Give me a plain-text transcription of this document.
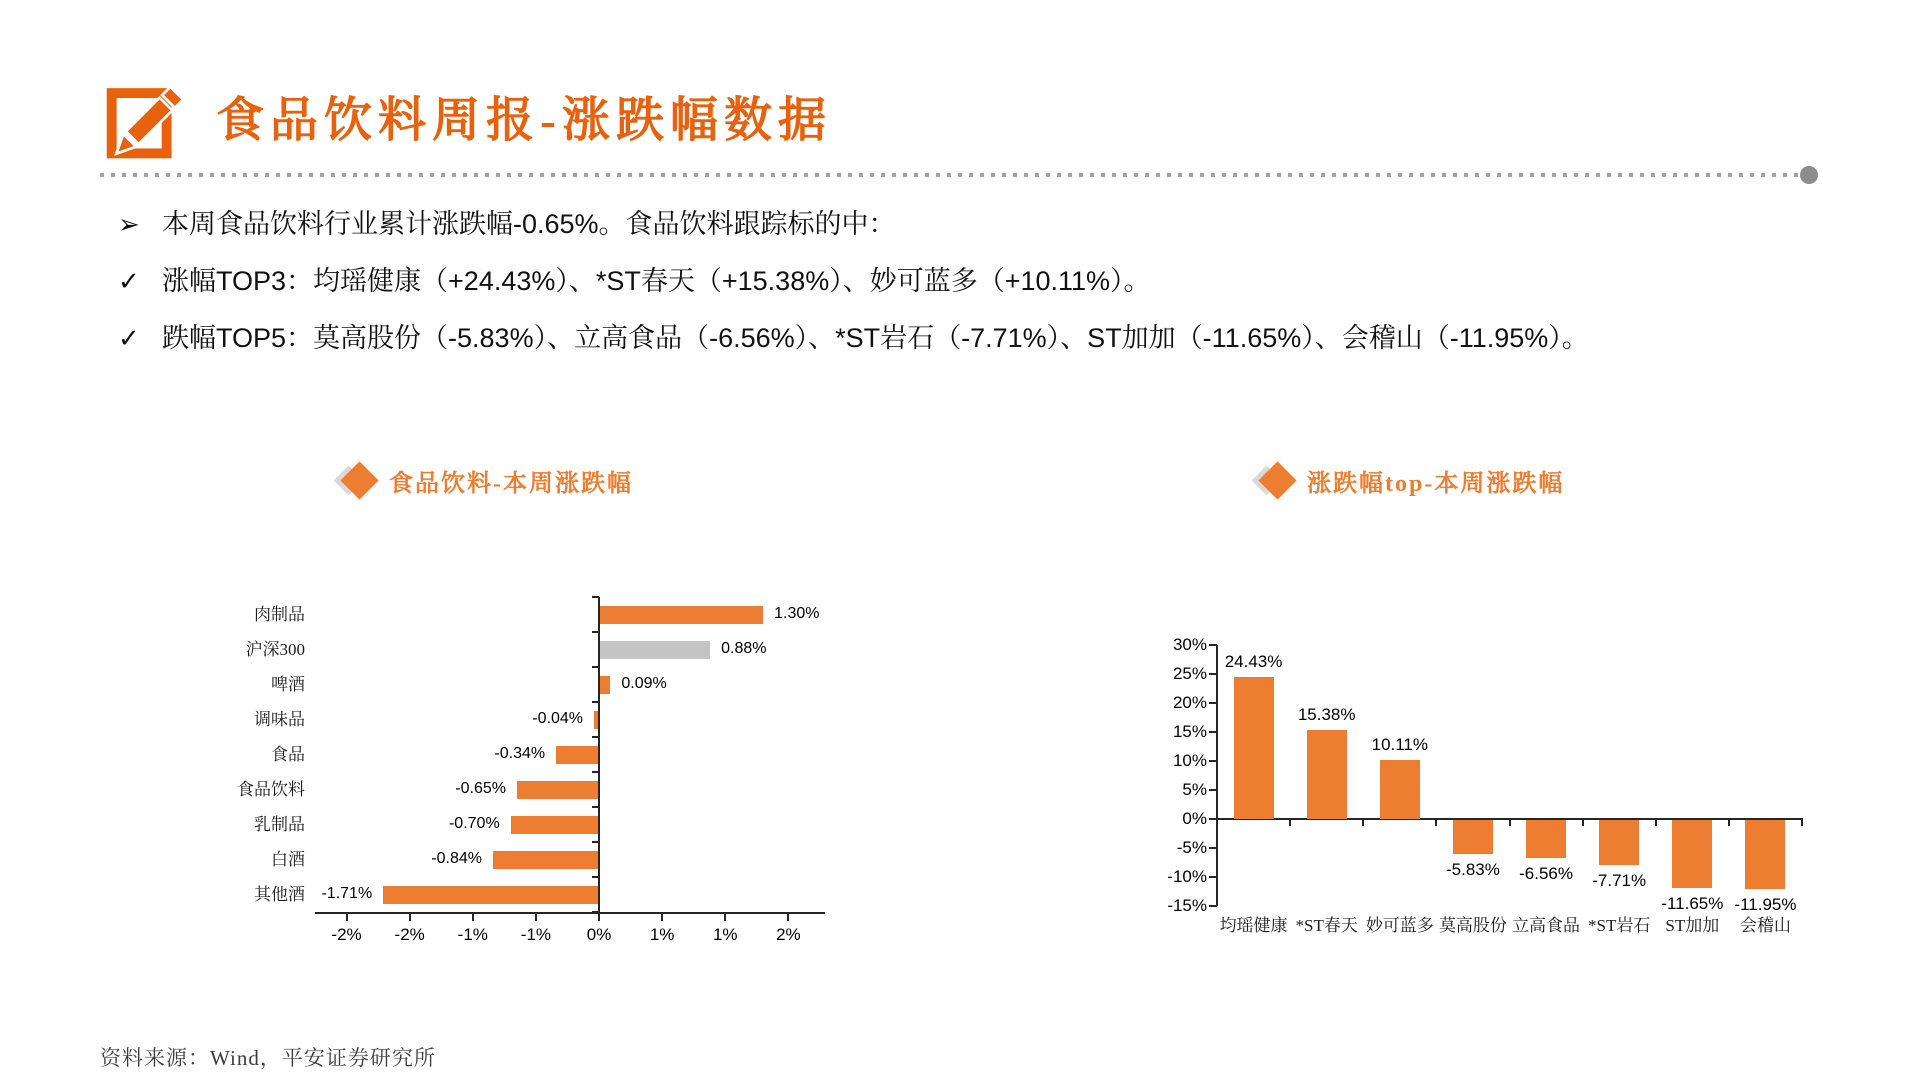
食品饮料周报-涨跌幅数据
➢ 本周食品饮料行业累计涨跌幅-0.65%。食品饮料跟踪标的中：
✓ 涨幅TOP3：均瑶健康（+24.43%）、*ST春天（+15.38%）、妙可蓝多（+10.11%）。
✓ 跌幅TOP5：莫高股份（-5.83%）、立高食品（-6.56%）、*ST岩石（-7.71%）、ST加加（-11.65%）、会稽山（-11.95%）。
食品饮料-本周涨跌幅	涨跌幅top-本周涨跌幅
1.30%
0.88%
0.09%
-0.04%
-0.34%
-0.65%
-0.70%
-0.84%
-1.71%
-2%	-2%	-1%	-1%	0%	1%	1%	2%
肉制品
沪深300
啤酒
调味品
食品
食品饮料
乳制品
白酒
其他酒
24.43%
均瑶健康
15.38%
*ST春天
10.11%
妙可蓝多
-5.83%
莫高股份
-6.56%
立高食品
-7.71%
*ST岩石
-11.65%
ST加加
-11.95%
会稽山
30%
25%
20%
15%
10%
5%
0%
-5%
-10%
-15%
资料来源：Wind，平安证券研究所
